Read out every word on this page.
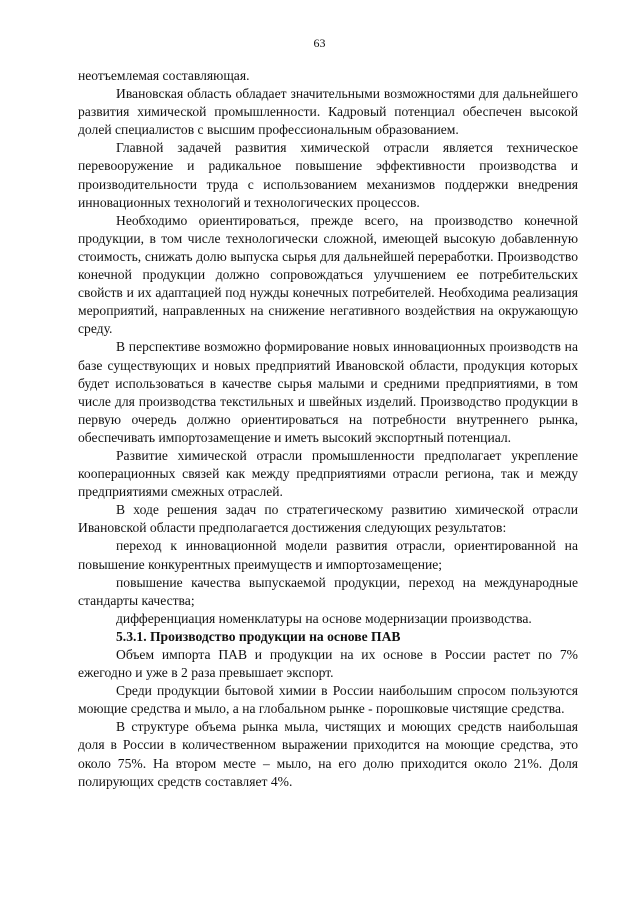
63

неотъемлемая составляющая.

Ивановская область обладает значительными возможностями для дальнейшего развития химической промышленности. Кадровый потенциал обеспечен высокой долей специалистов с высшим профессиональным образованием.

Главной задачей развития химической отрасли является техническое перевооружение и радикальное повышение эффективности производства и производительности труда с использованием механизмов поддержки внедрения инновационных технологий и технологических процессов.

Необходимо ориентироваться, прежде всего, на производство конечной продукции, в том числе технологически сложной, имеющей высокую добавленную стоимость, снижать долю выпуска сырья для дальнейшей переработки. Производство конечной продукции должно сопровождаться улучшением ее потребительских свойств и их адаптацией под нужды конечных потребителей. Необходима реализация мероприятий, направленных на снижение негативного воздействия на окружающую среду.

В перспективе возможно формирование новых инновационных производств на базе существующих и новых предприятий Ивановской области, продукция которых будет использоваться в качестве сырья малыми и средними предприятиями, в том числе для производства текстильных и швейных изделий. Производство продукции в первую очередь должно ориентироваться на потребности внутреннего рынка, обеспечивать импортозамещение и иметь высокий экспортный потенциал.

Развитие химической отрасли промышленности предполагает укрепление кооперационных связей как между предприятиями отрасли региона, так и между предприятиями смежных отраслей.

В ходе решения задач по стратегическому развитию химической отрасли Ивановской области предполагается достижения следующих результатов:

переход к инновационной модели развития отрасли, ориентированной на повышение конкурентных преимуществ и импортозамещение;

повышение качества выпускаемой продукции, переход на международные стандарты качества;

дифференциация номенклатуры на основе модернизации производства.

5.3.1. Производство продукции на основе ПАВ

Объем импорта ПАВ и продукции на их основе в России растет по 7% ежегодно и уже в 2 раза превышает экспорт.

Среди продукции бытовой химии в России наибольшим спросом пользуются моющие средства и мыло, а на глобальном рынке - порошковые чистящие средства.

В структуре объема рынка мыла, чистящих и моющих средств наибольшая доля в России в количественном выражении приходится на моющие средства, это около 75%. На втором месте – мыло, на его долю приходится около 21%. Доля полирующих средств составляет 4%.
